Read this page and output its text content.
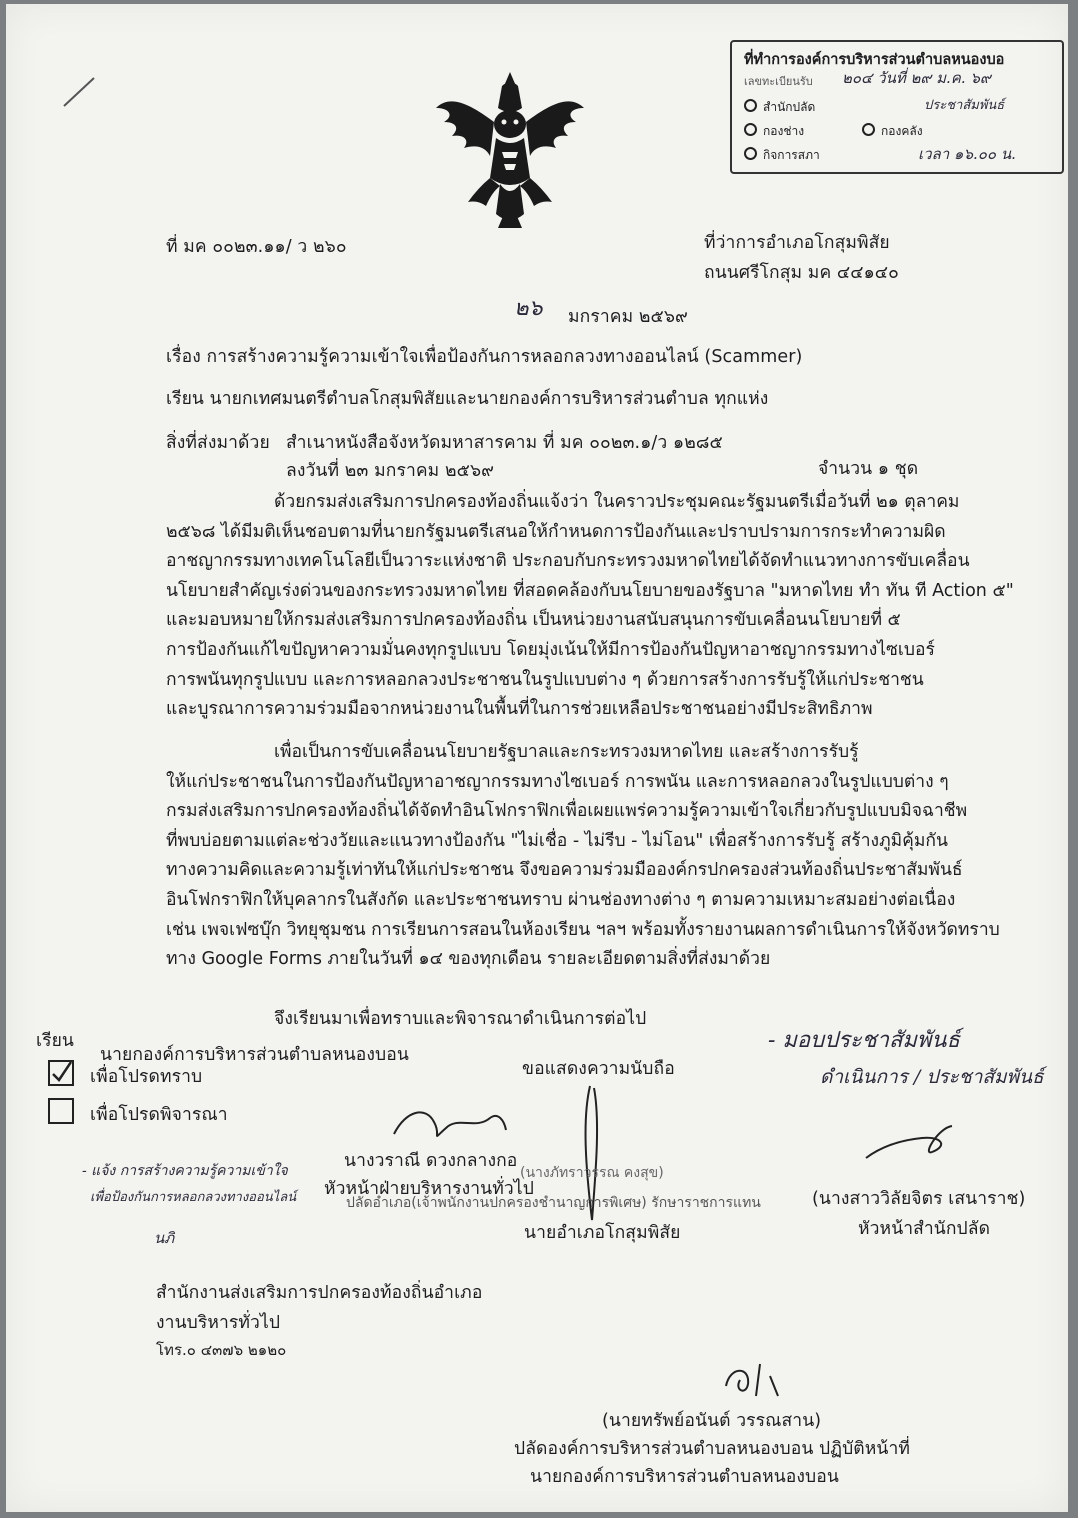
ที่ทำการองค์การบริหารส่วนตำบลหนองบอ
เลขทะเบียนรับ ๒๐๔ วันที่ ๒๙ ม.ค. ๖๙
สำนักปลัด	ประชาสัมพันธ์
กองช่าง	กองคลัง
กิจการสภา	เวลา ๑๖.๐๐ น.
ที่ มค ๐๐๒๓.๑๑/ ว ๒๖๐	ที่ว่าการอำเภอโกสุมพิสัย
ถนนศรีโกสุม มค ๔๔๑๔๐
๒๖ มกราคม ๒๕๖๙
เรื่อง การสร้างความรู้ความเข้าใจเพื่อป้องกันการหลอกลวงทางออนไลน์ (Scammer)
เรียน นายกเทศมนตรีตำบลโกสุมพิสัยและนายกองค์การบริหารส่วนตำบล ทุกแห่ง
สิ่งที่ส่งมาด้วย สำเนาหนังสือจังหวัดมหาสารคาม ที่ มค ๐๐๒๓.๑/ว ๑๒๘๕
ลงวันที่ ๒๓ มกราคม ๒๕๖๙	จำนวน ๑ ชุด
ด้วยกรมส่งเสริมการปกครองท้องถิ่นแจ้งว่า ในคราวประชุมคณะรัฐมนตรีเมื่อวันที่ ๒๑ ตุลาคม
๒๕๖๘ ได้มีมติเห็นชอบตามที่นายกรัฐมนตรีเสนอให้กำหนดการป้องกันและปราบปรามการกระทำความผิด
อาชญากรรมทางเทคโนโลยีเป็นวาระแห่งชาติ ประกอบกับกระทรวงมหาดไทยได้จัดทำแนวทางการขับเคลื่อน
นโยบายสำคัญเร่งด่วนของกระทรวงมหาดไทย ที่สอดคล้องกับนโยบายของรัฐบาล "มหาดไทย ทำ ทัน ที Action ๕"
และมอบหมายให้กรมส่งเสริมการปกครองท้องถิ่น เป็นหน่วยงานสนับสนุนการขับเคลื่อนนโยบายที่ ๕
การป้องกันแก้ไขปัญหาความมั่นคงทุกรูปแบบ โดยมุ่งเน้นให้มีการป้องกันปัญหาอาชญากรรมทางไซเบอร์
การพนันทุกรูปแบบ และการหลอกลวงประชาชนในรูปแบบต่าง ๆ ด้วยการสร้างการรับรู้ให้แก่ประชาชน
และบูรณาการความร่วมมือจากหน่วยงานในพื้นที่ในการช่วยเหลือประชาชนอย่างมีประสิทธิภาพ
เพื่อเป็นการขับเคลื่อนนโยบายรัฐบาลและกระทรวงมหาดไทย และสร้างการรับรู้
ให้แก่ประชาชนในการป้องกันปัญหาอาชญากรรมทางไซเบอร์ การพนัน และการหลอกลวงในรูปแบบต่าง ๆ
กรมส่งเสริมการปกครองท้องถิ่นได้จัดทำอินโฟกราฟิกเพื่อเผยแพร่ความรู้ความเข้าใจเกี่ยวกับรูปแบบมิจฉาชีพ
ที่พบบ่อยตามแต่ละช่วงวัยและแนวทางป้องกัน "ไม่เชื่อ - ไม่รีบ - ไม่โอน" เพื่อสร้างการรับรู้ สร้างภูมิคุ้มกัน
ทางความคิดและความรู้เท่าทันให้แก่ประชาชน จึงขอความร่วมมือองค์กรปกครองส่วนท้องถิ่นประชาสัมพันธ์
อินโฟกราฟิกให้บุคลากรในสังกัด และประชาชนทราบ ผ่านช่องทางต่าง ๆ ตามความเหมาะสมอย่างต่อเนื่อง
เช่น เพจเฟซบุ๊ก วิทยุชุมชน การเรียนการสอนในห้องเรียน ฯลฯ พร้อมทั้งรายงานผลการดำเนินการให้จังหวัดทราบ
ทาง Google Forms ภายในวันที่ ๑๔ ของทุกเดือน รายละเอียดตามสิ่งที่ส่งมาด้วย
จึงเรียนมาเพื่อทราบและพิจารณาดำเนินการต่อไป
เรียน
นายกองค์การบริหารส่วนตำบลหนองบอน
เพื่อโปรดทราบ
เพื่อโปรดพิจารณา
- แจ้ง การสร้างความรู้ความเข้าใจ
เพื่อป้องกันการหลอกลวงทางออนไลน์
นภิ
ขอแสดงความนับถือ
- มอบประชาสัมพันธ์
ดำเนินการ / ประชาสัมพันธ์
นางวราณี ดวงกลางกอ
หัวหน้าฝ่ายบริหารงานทั่วไป
(นางภัทราวรรณ คงสุข)
ปลัดอำเภอ(เจ้าพนักงานปกครองชำนาญการพิเศษ) รักษาราชการแทน
นายอำเภอโกสุมพิสัย
(นางสาววิลัยจิตร เสนาราช)
หัวหน้าสำนักปลัด
สำนักงานส่งเสริมการปกครองท้องถิ่นอำเภอ
งานบริหารทั่วไป
โทร.๐ ๔๓๗๖ ๒๑๒๐
(นายทรัพย์อนันต์ วรรณสาน)
ปลัดองค์การบริหารส่วนตำบลหนองบอน ปฏิบัติหน้าที่
นายกองค์การบริหารส่วนตำบลหนองบอน
